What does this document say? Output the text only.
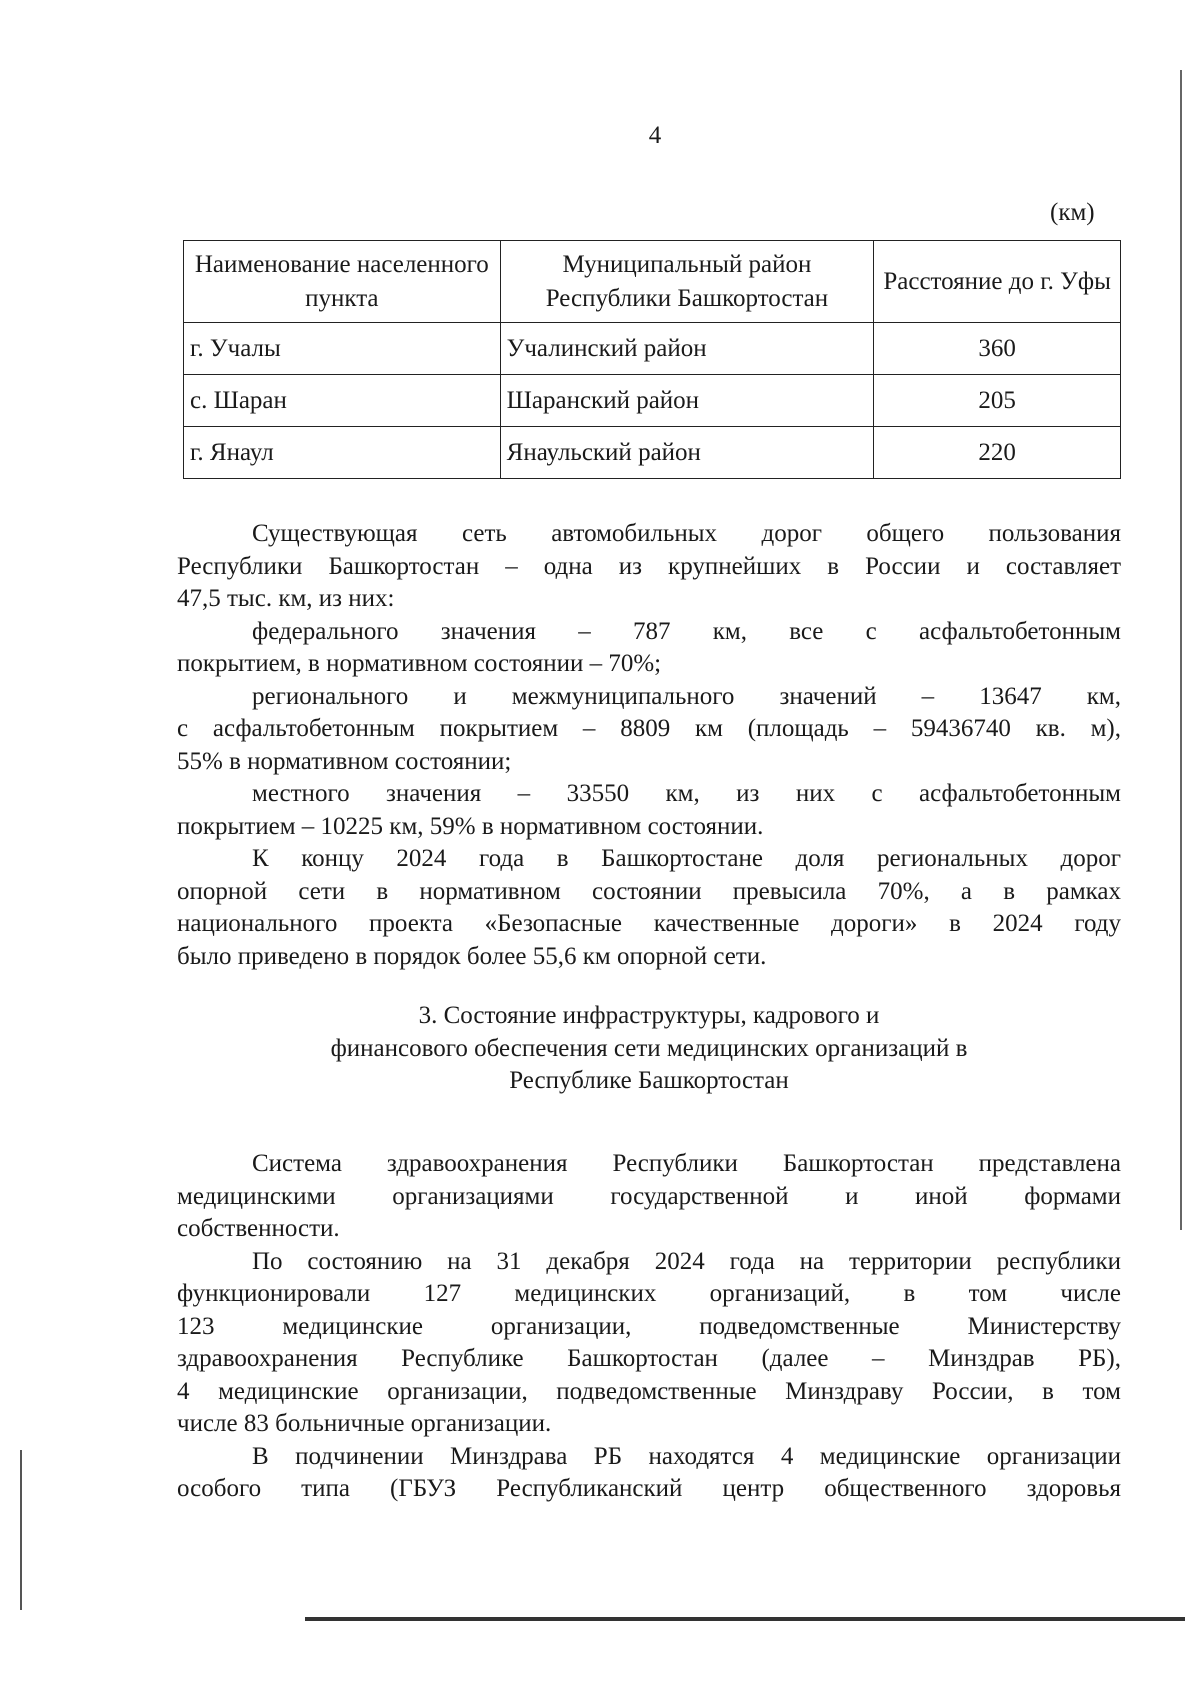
4
(км)
Наименование населенного пункта	Муниципальный район Республики Башкортостан	Расстояние до г. Уфы
г. Учалы	Учалинский район	360
с. Шаран	Шаранский район	205
г. Янаул	Янаульский район	220

Существующая сеть автомобильных дорог общего пользования

Республики Башкортостан – одна из крупнейших в России и составляет

47,5 тыс. км, из них:

федерального значения – 787 км, все с асфальтобетонным

покрытием, в нормативном состоянии – 70%;

регионального и межмуниципального значений – 13647 км,

с асфальтобетонным покрытием – 8809 км (площадь – 59436740 кв. м),

55% в нормативном состоянии;

местного значения – 33550 км, из них с асфальтобетонным

покрытием – 10225 км, 59% в нормативном состоянии.

К концу 2024 года в Башкортостане доля региональных дорог

опорной сети в нормативном состоянии превысила 70%, а в рамках

национального проекта «Безопасные качественные дороги» в 2024 году

было приведено в порядок более 55,6 км опорной сети.

3. Состояние инфраструктуры, кадрового и
финансового обеспечения сети медицинских организаций в
Республике Башкортостан

Система здравоохранения Республики Башкортостан представлена

медицинскими организациями государственной и иной формами

собственности.

По состоянию на 31 декабря 2024 года на территории республики

функционировали 127 медицинских организаций, в том числе

123 медицинские организации, подведомственные Министерству

здравоохранения Республике Башкортостан (далее – Минздрав РБ),

4 медицинские организации, подведомственные Минздраву России, в том

числе 83 больничные организации.

В подчинении Минздрава РБ находятся 4 медицинские организации

особого типа (ГБУЗ Республиканский центр общественного здоровья
